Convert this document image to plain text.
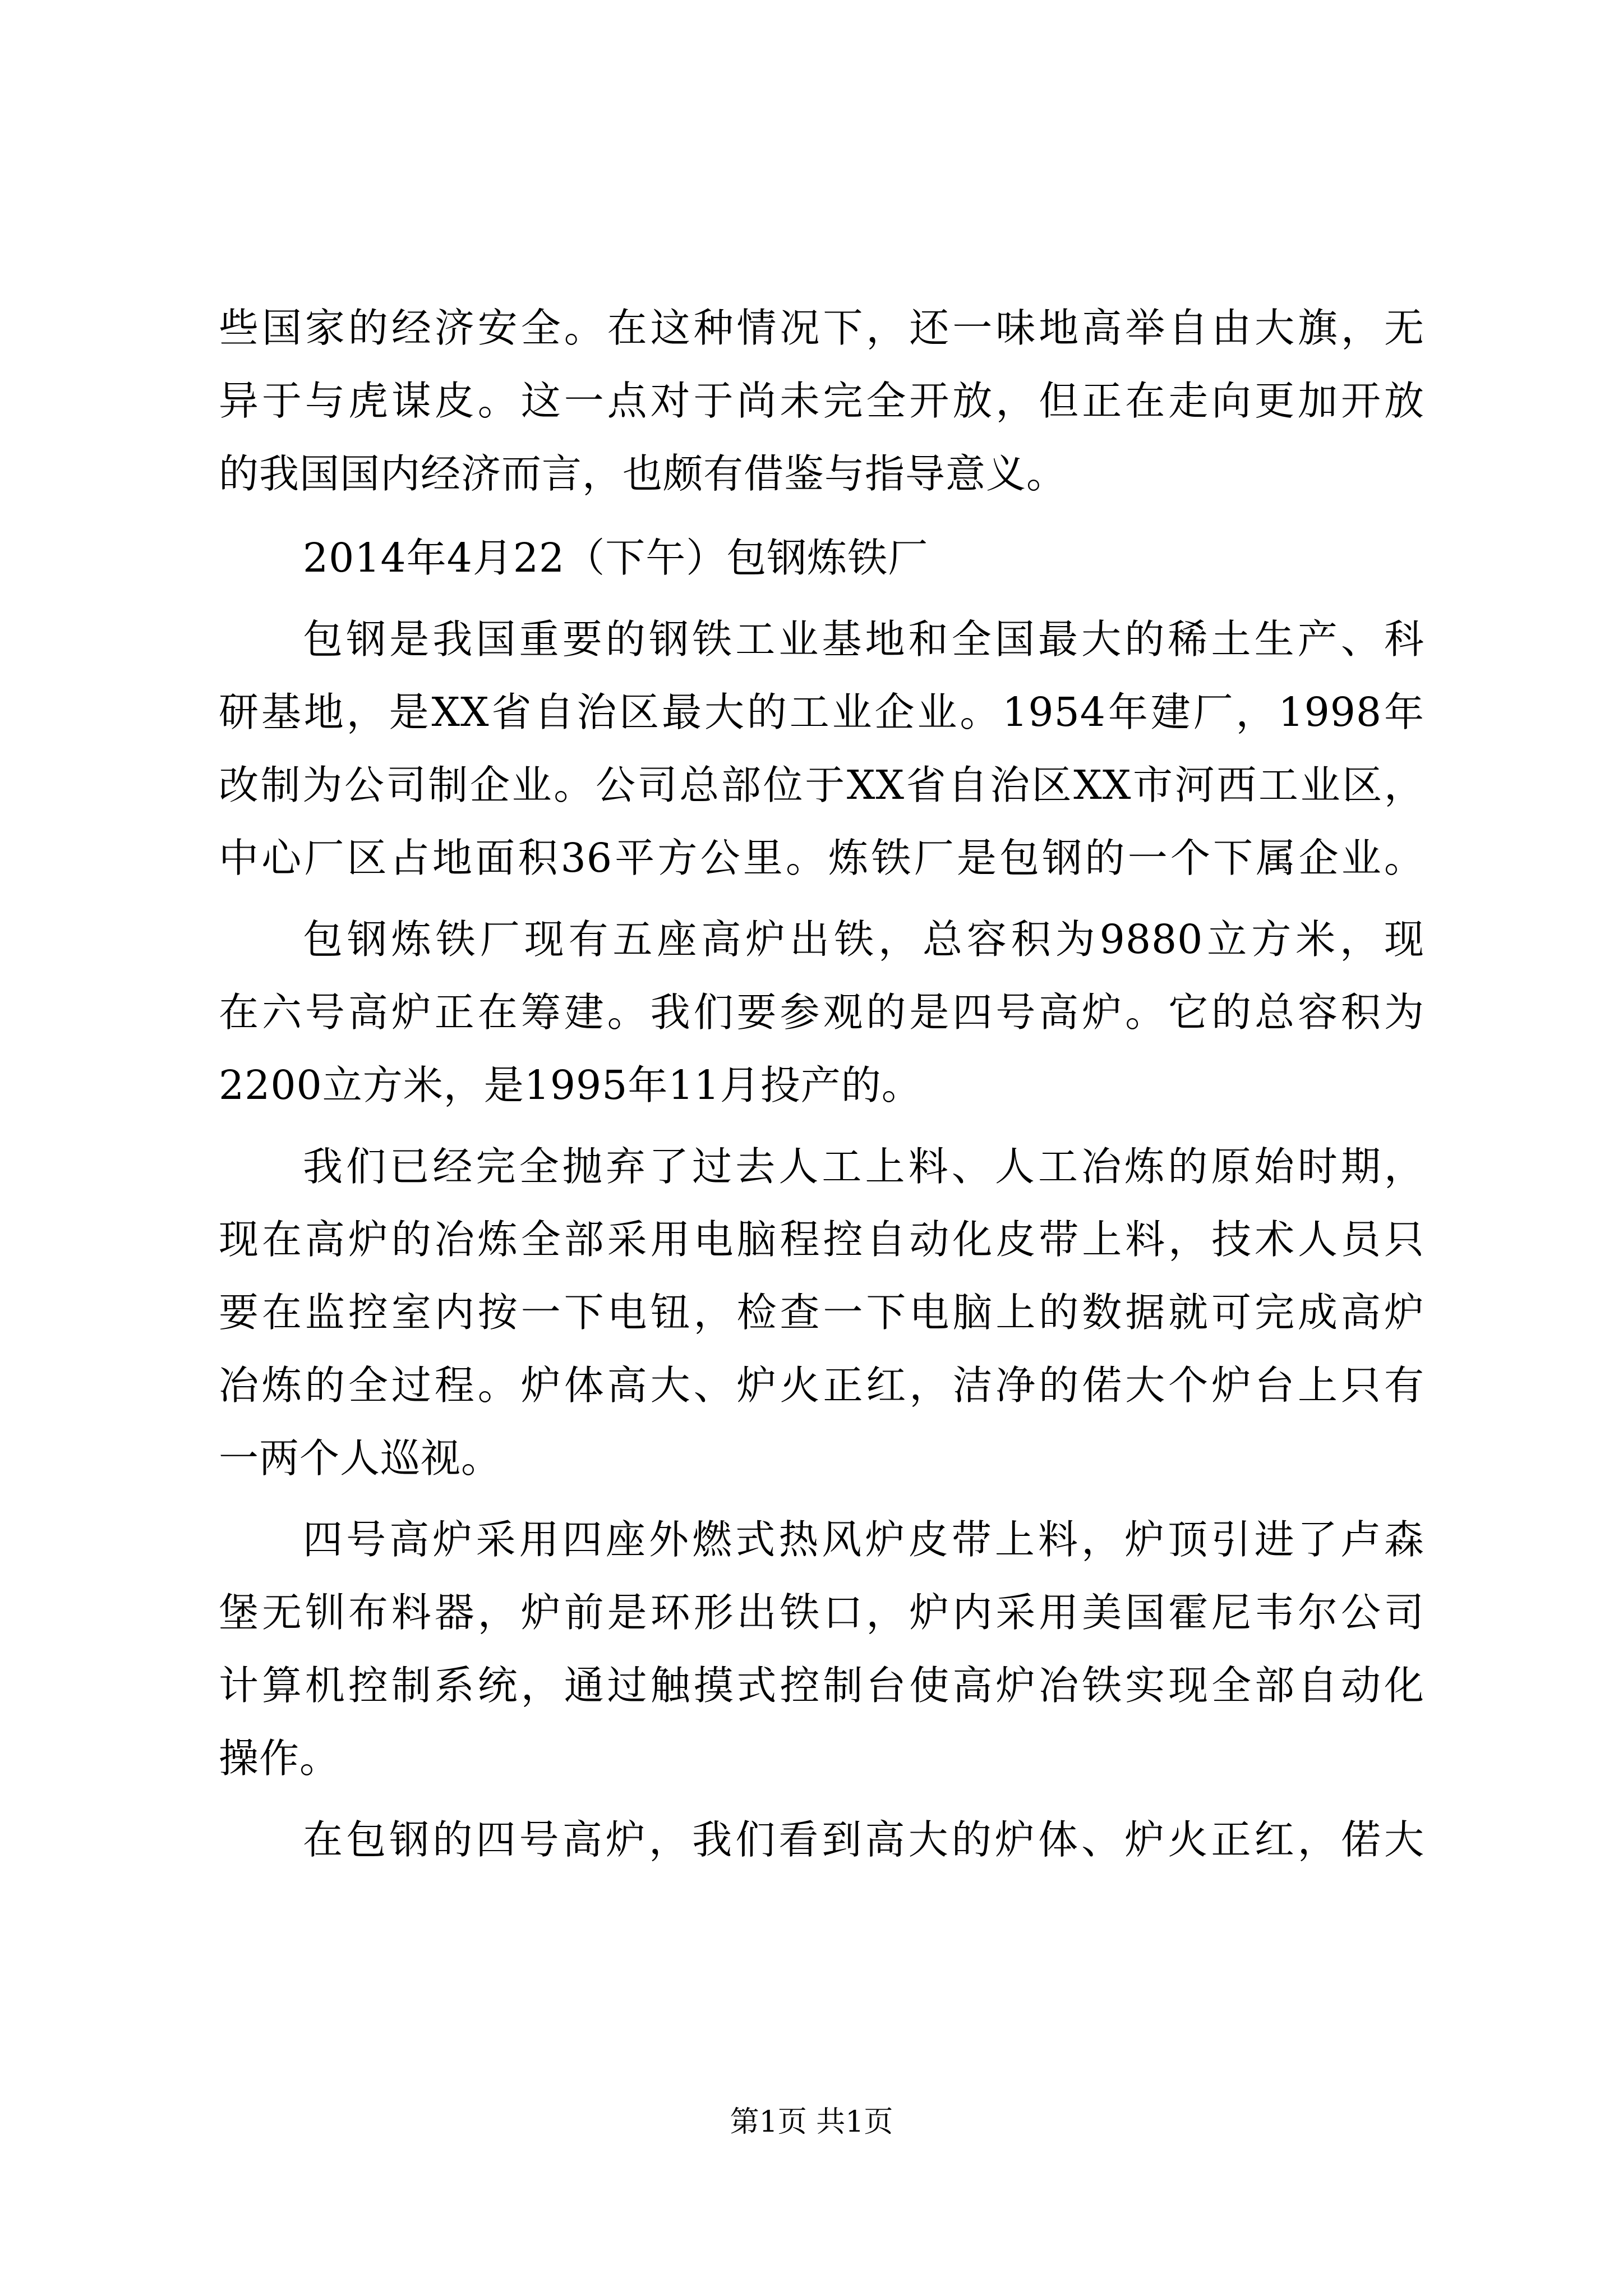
些国家的经济安全。在这种情况下，还一味地高举自由大旗，无
异于与虎谋皮。这一点对于尚未完全开放，但正在走向更加开放
的我国国内经济而言，也颇有借鉴与指导意义。
2014年4月22（下午）包钢炼铁厂
包钢是我国重要的钢铁工业基地和全国最大的稀土生产、科
研基地，是XX省自治区最大的工业企业。1954年建厂，1998年
改制为公司制企业。公司总部位于XX省自治区XX市河西工业区，
中心厂区占地面积36平方公里。炼铁厂是包钢的一个下属企业。
包钢炼铁厂现有五座高炉出铁，总容积为9880立方米，现
在六号高炉正在筹建。我们要参观的是四号高炉。它的总容积为
2200立方米，是1995年11月投产的。
我们已经完全抛弃了过去人工上料、人工冶炼的原始时期，
现在高炉的冶炼全部采用电脑程控自动化皮带上料，技术人员只
要在监控室内按一下电钮，检查一下电脑上的数据就可完成高炉
冶炼的全过程。炉体高大、炉火正红，洁净的偌大个炉台上只有
一两个人巡视。
四号高炉采用四座外燃式热风炉皮带上料，炉顶引进了卢森
堡无钏布料器，炉前是环形出铁口，炉内采用美国霍尼韦尔公司
计算机控制系统，通过触摸式控制台使高炉冶铁实现全部自动化
操作。
在包钢的四号高炉，我们看到高大的炉体、炉火正红，偌大
第1页 共1页
